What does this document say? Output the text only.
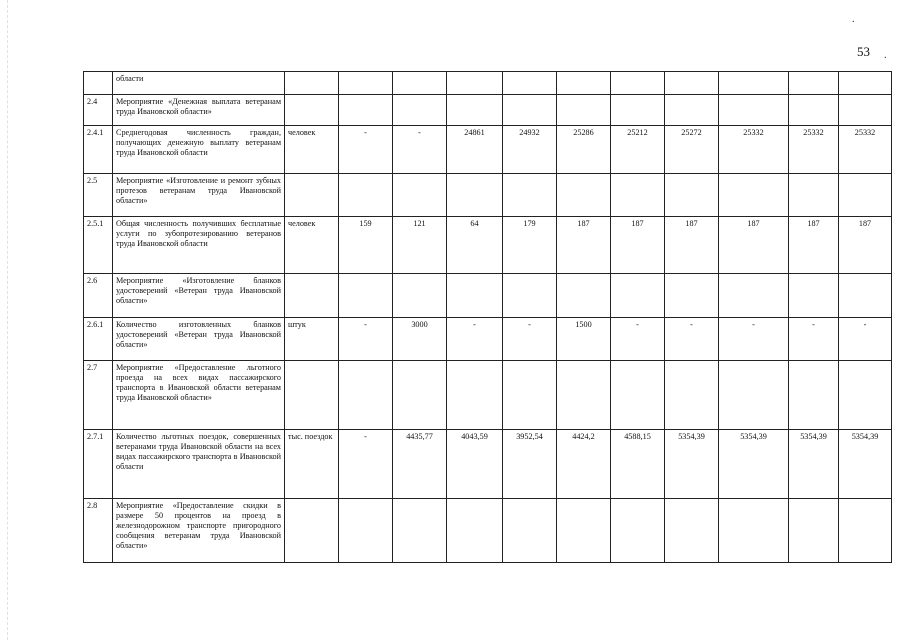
.
53 .
	области											
2.4	Мероприятие «Денежная выплата ветеранам труда Ивановской области»											
2.4.1	Среднегодовая численность граждан, получающих денежную выплату ветеранам труда Ивановской области	человек	-	-	24861	24932	25286	25212	25272	25332	25332	25332
2.5	Мероприятие «Изготовление и ремонт зубных протезов ветеранам труда Ивановской области»											
2.5.1	Общая численность получивших бесплатные услуги по зубопротезированию ветеранов труда Ивановской области	человек	159	121	64	179	187	187	187	187	187	187
2.6	Мероприятие «Изготовление бланков удостоверений «Ветеран труда Ивановской области»											
2.6.1	Количество изготовленных бланков удостоверений «Ветеран труда Ивановской области»	штук	-	3000	-	-	1500	-	-	-	-	-
2.7	Мероприятие «Предоставление льготного проезда на всех видах пассажирского транспорта в Ивановской области ветеранам труда Ивановской области»											
2.7.1	Количество льготных поездок, совершенных ветеранами труда Ивановской области на всех видах пассажирского транспорта в Ивановской области	тыс. поездок	-	4435,77	4043,59	3952,54	4424,2	4588,15	5354,39	5354,39	5354,39	5354,39
2.8	Мероприятие «Предоставление скидки в размере 50 процентов на проезд в железнодорожном транспорте пригородного сообщения ветеранам труда Ивановской области»											
